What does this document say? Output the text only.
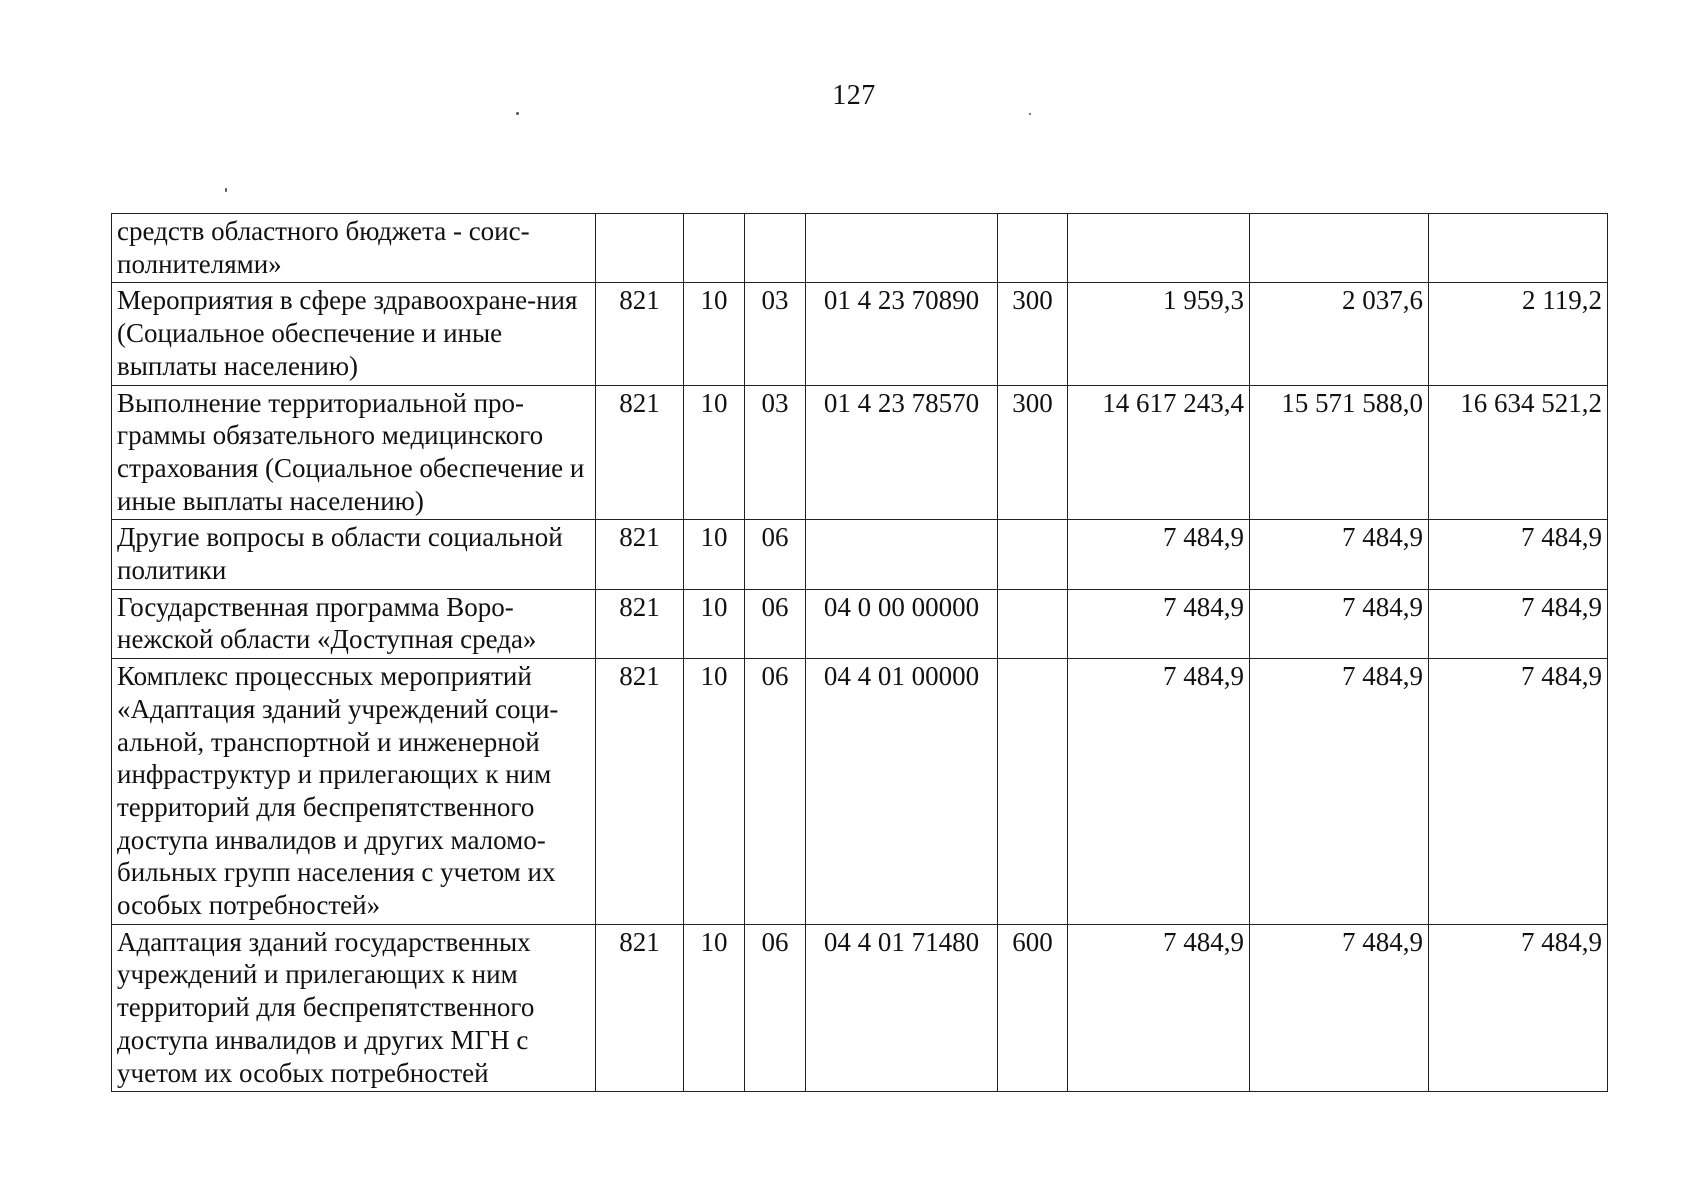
127
средств областного бюджета - соис-полнителями»								
Мероприятия в сфере здравоохране-ния (Социальное обеспечение и иные выплаты населению)	821	10	03	01 4 23 70890	300	1 959,3	2 037,6	2 119,2
Выполнение территориальной про-граммы обязательного медицинского страхования (Социальное обеспечение и иные выплаты населению)	821	10	03	01 4 23 78570	300	14 617 243,4	15 571 588,0	16 634 521,2
Другие вопросы в области социальной политики	821	10	06			7 484,9	7 484,9	7 484,9
Государственная программа Воро-нежской области «Доступная среда»	821	10	06	04 0 00 00000		7 484,9	7 484,9	7 484,9
Комплекс процессных мероприятий «Адаптация зданий учреждений соци-альной, транспортной и инженерной инфраструктур и прилегающих к ним территорий для беспрепятственного доступа инвалидов и других маломо-бильных групп населения с учетом их особых потребностей»	821	10	06	04 4 01 00000		7 484,9	7 484,9	7 484,9
Адаптация зданий государственных учреждений и прилегающих к ним территорий для беспрепятственного доступа инвалидов и других МГН с учетом их особых потребностей	821	10	06	04 4 01 71480	600	7 484,9	7 484,9	7 484,9
